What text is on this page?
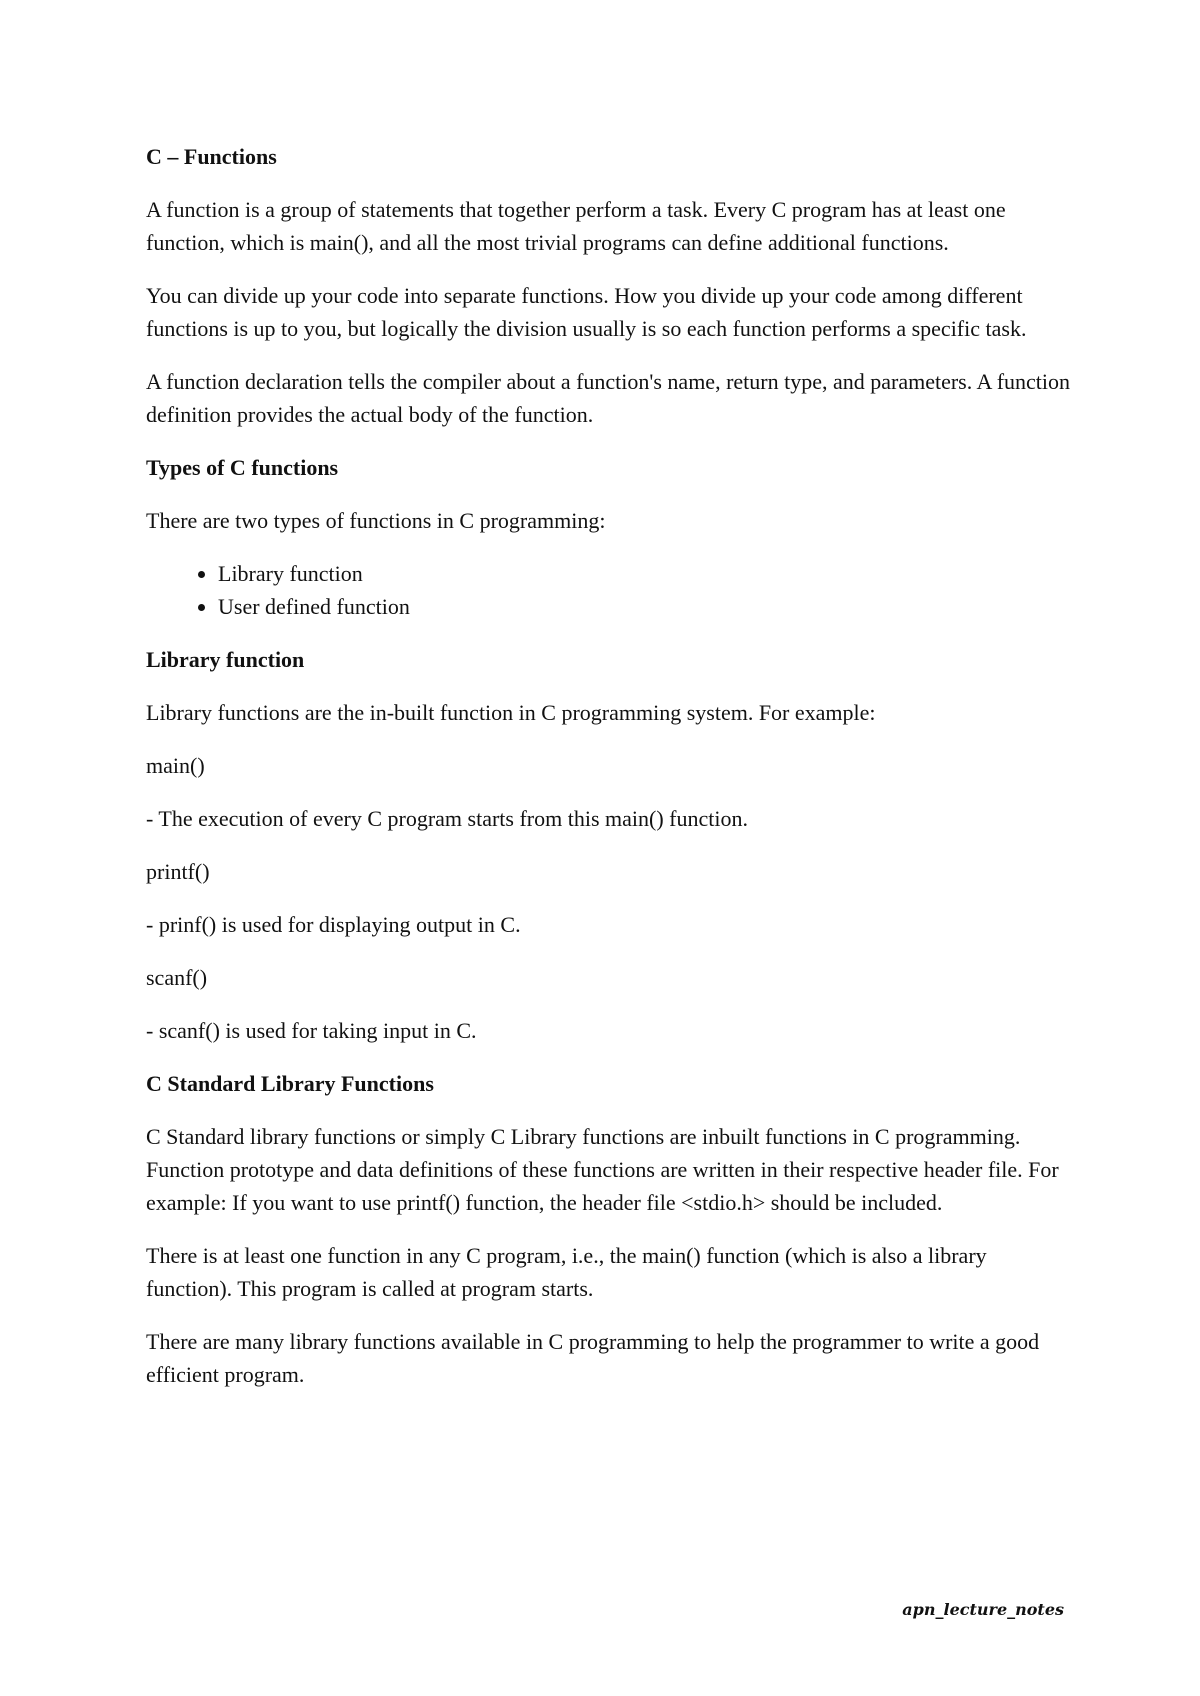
C – Functions

A function is a group of statements that together perform a task. Every C program has at least one function, which is main(), and all the most trivial programs can define additional functions.

You can divide up your code into separate functions. How you divide up your code among different functions is up to you, but logically the division usually is so each function performs a specific task.

A function declaration tells the compiler about a function's name, return type, and parameters. A function definition provides the actual body of the function.

Types of C functions

There are two types of functions in C programming:

• Library function
• User defined function
Library function

Library functions are the in-built function in C programming system. For example:

main()

- The execution of every C program starts from this main() function.

printf()

- prinf() is used for displaying output in C.

scanf()

- scanf() is used for taking input in C.

C Standard Library Functions

C Standard library functions or simply C Library functions are inbuilt functions in C programming. Function prototype and data definitions of these functions are written in their respective header file. For example: If you want to use printf() function, the header file <stdio.h> should be included.

There is at least one function in any C program, i.e., the main() function (which is also a library function). This program is called at program starts.

There are many library functions available in C programming to help the programmer to write a good efficient program.

apn_lecture_notes
